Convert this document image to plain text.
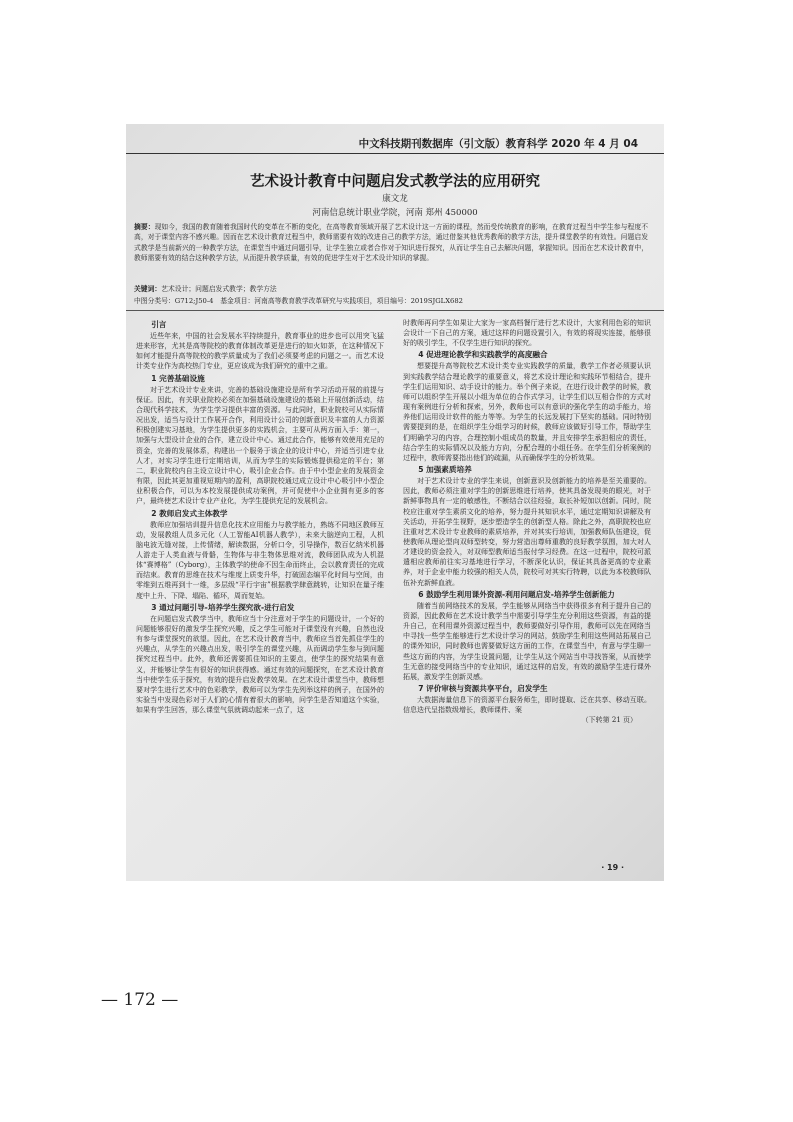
中文科技期刊数据库（引文版）教育科学 2020 年 4 月 04
艺术设计教育中问题启发式教学法的应用研究
康文龙
河南信息统计职业学院，河南 郑州 450000
摘要：现如今，我国的教育随着我国时代的变革在不断的变化，在高等教育领域开展了艺术设计这一方面的课程，然而受传统教育的影响，在教育过程当中学生参与程度不高，对于课堂内容不感兴趣。因而在艺术设计教育过程当中，教师需要有效的改进自己的教学方法，通过借鉴其他优秀教师的教学方法，提升课堂教学的有效性。问题启发式教学是当前新兴的一种教学方法，在课堂当中通过问题引导，让学生独立或者合作对于知识进行探究，从而让学生自己去解决问题，掌握知识。因而在艺术设计教育中，教师需要有效的结合这种教学方法，从而提升教学质量，有效的促进学生对于艺术设计知识的掌握。
关键词：艺术设计；问题启发式教学；教学方法
中图分类号：G712;J50-4　基金项目：河南高等教育教学改革研究与实践项目，项目编号：2019SJGLX682
引言

近些年来，中国的社会发展水平持续提升，教育事业的进步也可以用突飞猛进来形容，尤其是高等院校的教育体制改革更是进行的如火如荼，在这种情况下如何才能提升高等院校的教学质量成为了我们必须要考虑的问题之一。而艺术设计类专业作为高校热门专业，更应该成为我们研究的重中之重。

1 完善基础设施

对于艺术设计专业来讲，完善的基础设施建设是所有学习活动开展的前提与保证。因此，有关职业院校必须在加强基础设施建设的基础上开展创新活动，结合现代科学技术，为学生学习提供丰富的资源。与此同时，职业院校可从实际情况出发，适当与设计工作展开合作，利用设计公司的创新意识及丰富的人力资源积极创建实习基地，为学生提供更多的实践机会，主要可从两方面入手：第一，加强与大型设计企业的合作，建立设计中心。通过此合作，能够有效使用充足的资金，完善的发展体系，构建出一个服务于该企业的设计中心，并适当引进专业人才，对实习学生进行定期培训，从而为学生的实际锻炼提供稳定的平台；第二，职业院校内自主设立设计中心，吸引企业合作。由于中小型企业的发展资金有限，因此其更加重视短期内的盈利，高职院校通过成立设计中心吸引中小型企业积极合作，可以为本校发展提供成功案例，并可促使中小企业拥有更多的客户，最终使艺术设计专业产业化，为学生提供充足的发展机会。

2 教师启发式主体教学

教师应加强培训提升信息化技术应用能力与教学能力，熟练不同地区教师互动，发展教组人员多元化（人工智能AI机器人教学），未来大脑逆向工程，人机脑电波无缝对接，上传情绪，解读数据，分析口令，引导操作，数百亿纳米机器人游走于人类血液与骨骼，生物体与非生物体思维对流，教师团队成为人机混体“赛博格”（Cyborg），主体教学的使命不因生命而终止，会以教育责任的完成而结束。教育的思维在技术与维度上质变升华，打破固态编平化时间与空间，由零维到五维再到十一维，多层级“平行宇宙”根据教学肆意跳转，让知识在量子维度中上升、下降、塌陷、循环，周而复始。

3 通过问题引导-培养学生探究欲-进行启发

在问题启发式教学当中，教师应当十分注意对于学生的问题设计，一个好的问题能够很好的激发学生探究兴趣，反之学生可能对于课堂没有兴趣，自然也没有参与课堂探究的欲望。因此，在艺术设计教育当中，教师应当首先抓住学生的兴趣点，从学生的兴趣点出发，吸引学生的课堂兴趣，从而调动学生参与到问题探究过程当中。此外，教师还需要抓住知识的主要点，使学生的探究结果有意义，并能够让学生有很好的知识获得感。通过有效的问题探究，在艺术设计教育当中使学生乐于探究，有效的提升启发教学效果。在艺术设计课堂当中，教师想要对学生进行艺术中的色彩教学，教师可以为学生先列举这样的例子，在国外的实验当中发现色彩对于人们的心情有着很大的影响，问学生是否知道这个实验，如果有学生回答，那么课堂气氛就调动起来一点了，这

时教师再问学生如果让大家为一家高档餐厅进行艺术设计，大家利用色彩的知识会设计一下自己的方案，通过这样的问题设置引入，有效的将现实连接，能够很好的吸引学生，不仅学生进行知识的探究。

4 促进理论教学和实践教学的高度融合

想要提升高等院校艺术设计类专业实践教学的质量，教学工作者必须要认识到实践教学结合理论教学的重要意义，将艺术设计理论和实践环节相结合，提升学生们运用知识、动手设计的能力。举个例子来说，在进行设计教学的时候，教师可以组织学生开展以小组为单位的合作式学习，让学生们以互相合作的方式对现有案例进行分析和探索，另外，教师也可以有意识的强化学生的动手能力，培养他们运用设计软件的能力等等。为学生的长远发展打下坚实的基础。同时特别需要提到的是，在组织学生分组学习的时候，教师应该做好引导工作，帮助学生们明确学习的内容，合理控制小组成员的数量，并且安排学生承担相应的责任，结合学生的实际情况以及能力方向，分配合理的小组任务。在学生们分析案例的过程中，教师需要指出他们的疏漏，从而确保学生的分析效果。

5 加强素质培养

对于艺术设计专业的学生来说，创新意识及创新能力的培养是至关重要的。因此，教师必须注重对学生的创新思维进行培养，使其具备发现美的眼光，对于新鲜事物具有一定的敏感性，不断结合以往经验，取长补短加以创新。同时，院校应注重对学生素质文化的培养，努力提升其知识水平，通过定期知识讲解及有关活动，开拓学生视野，逐步塑造学生的创新型人格。除此之外，高职院校也应注重对艺术设计专业教师的素质培养，并对其实行培训，加强教师队伍建设，促使教师从理论型向双师型转变，努力营造出尊师重教的良好教学氛围，加大对人才建设的资金投入，对双师型教师适当报付学习经费。在这一过程中，院校可派遣相应教师前往实习基地进行学习，不断深化认识，保证其具备更高的专业素养，对于企业中能力较强的相关人员，院校可对其实行特聘，以此为本校教师队伍补充新鲜血液。

6 鼓励学生利用课外资源-利用问题启发-培养学生创新能力

随着当前网络技术的发展，学生能够从网络当中获得很多有利于提升自己的资源，因此教师在艺术设计教学当中需要引导学生充分利用这些资源，有益的提升自己，在利用课外资源过程当中，教师要做好引导作用，教师可以先在网络当中寻找一些学生能够进行艺术设计学习的网站，鼓励学生利用这些网站拓展自己的课外知识，同时教师也需要做好这方面的工作，在课堂当中，有意与学生聊一些这方面的内容，为学生设置问题，让学生从这个网站当中寻找答案，从而使学生无意的接受网络当中的专业知识，通过这样的启发，有效的激励学生进行课外拓展，激发学生创新灵感。

7 评价审核与资源共享平台，启发学生

大数据海量信息下的资源平台服务师生，即时提取、泛在共享、移动互联。信息迭代呈指数级增长，教师课件、案

（下转第 21 页）
· 19 ·
— 172 —
